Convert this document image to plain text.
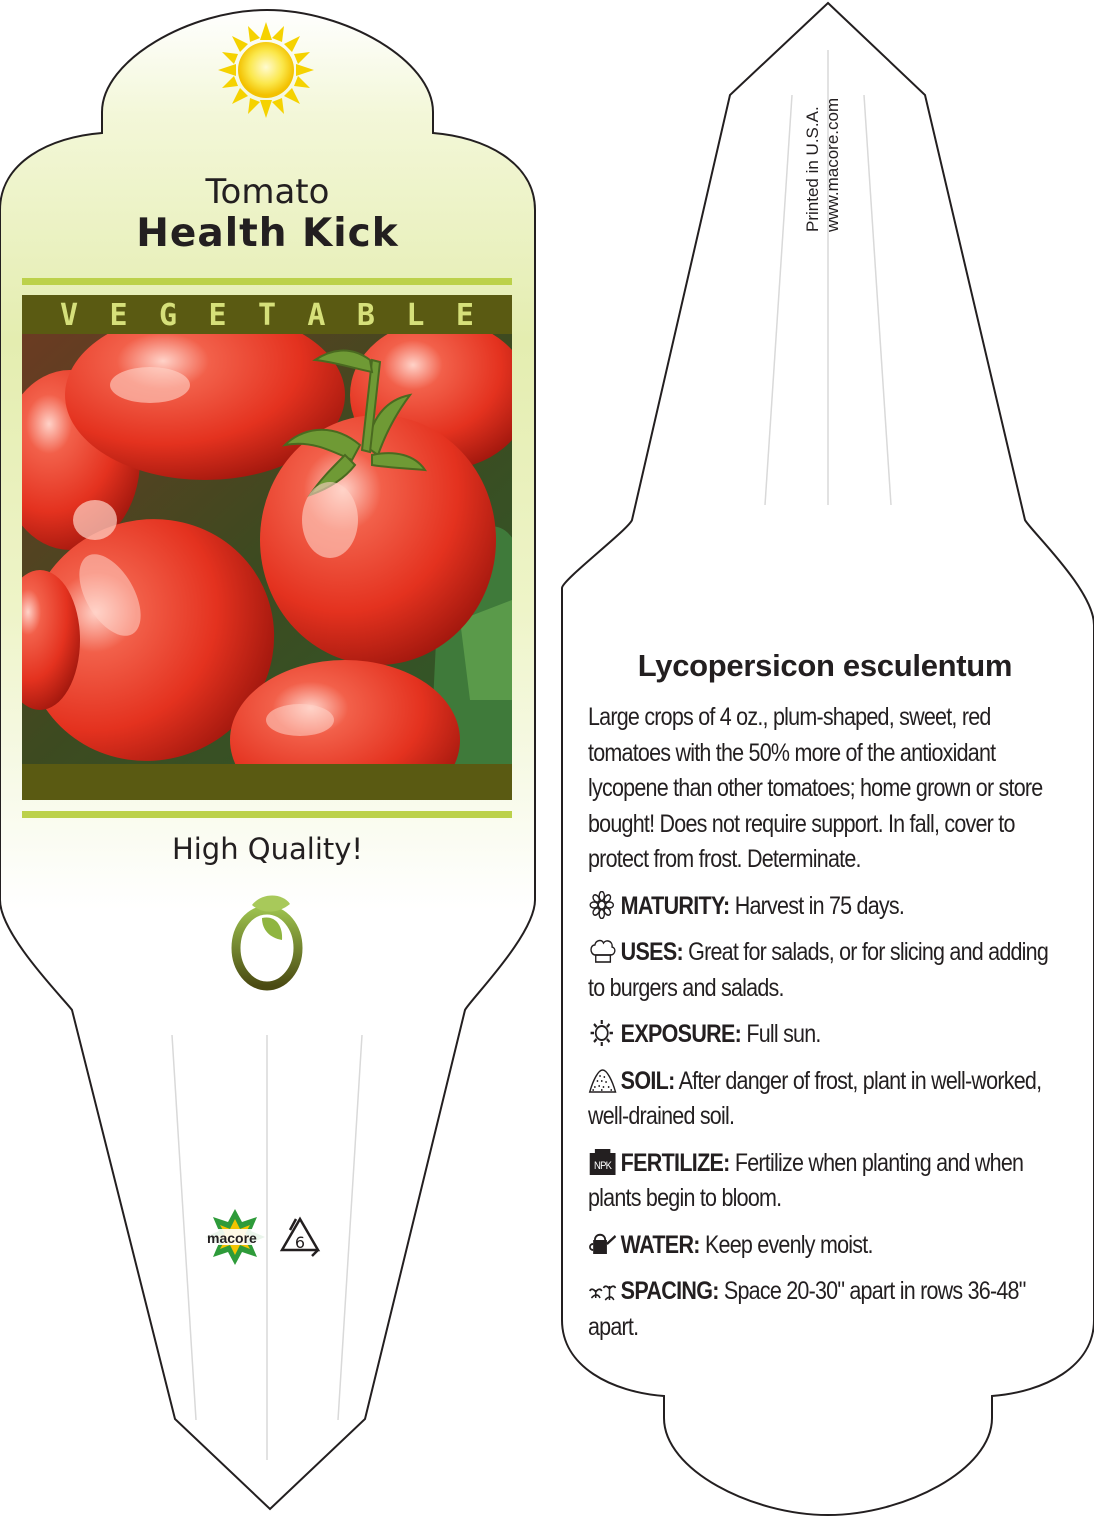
Tomato
Health Kick
V E G E T A B L E
High Quality!
macore 6
Printed in U.S.A. www.macore.com
Lycopersicon esculentum

Large crops of 4 oz., plum-shaped, sweet, red tomatoes with the 50% more of the antioxidant lycopene than other tomatoes; home grown or store bought! Does not require support. In fall, cover to protect from frost. Determinate.

MATURITY: Harvest in 75 days.

USES: Great for salads, or for slicing and adding to burgers and salads.

EXPOSURE: Full sun.

SOIL: After danger of frost, plant in well-worked, well-drained soil.

NPK FERTILIZE: Fertilize when planting and when plants begin to bloom.

WATER: Keep evenly moist.

SPACING: Space 20-30" apart in rows 36-48" apart.
